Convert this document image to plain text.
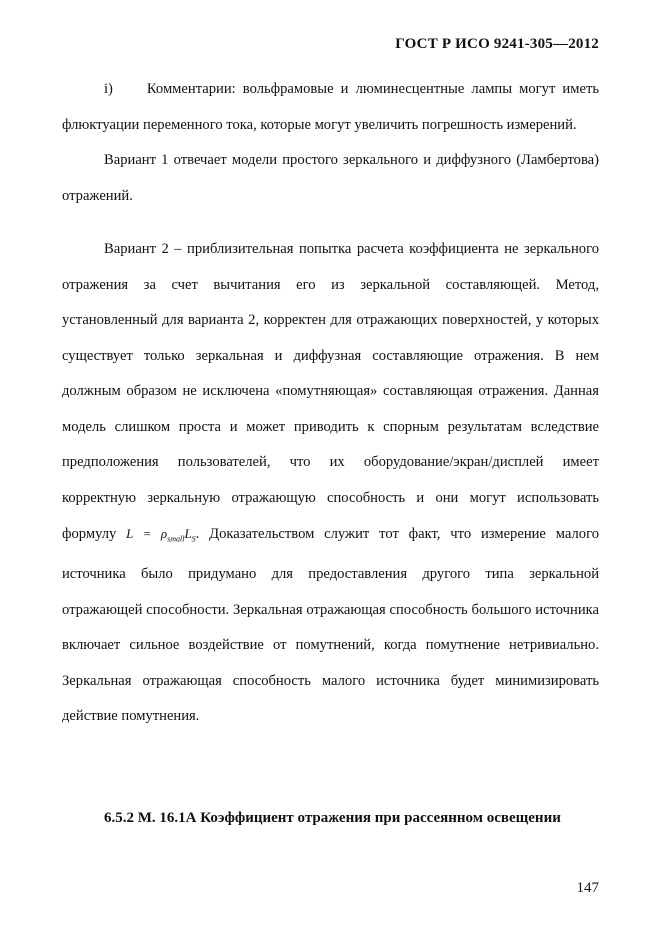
ГОСТ Р ИСО 9241-305—2012

i) Комментарии: вольфрамовые и люминесцентные лампы могут иметь флюктуации переменного тока, которые могут увеличить погрешность измерений.

Вариант 1 отвечает модели простого зеркального и диффузного (Ламбертова) отражений.

Вариант 2 – приблизительная попытка расчета коэффициента не зеркального отражения за счет вычитания его из зеркальной составляющей. Метод, установленный для варианта 2, корректен для отражающих поверхностей, у которых существует только зеркальная и диффузная составляющие отражения. В нем должным образом не исключена «помутняющая» составляющая отражения. Данная модель слишком проста и может приводить к спорным результатам вследствие предположения пользователей, что их оборудование/экран/дисплей имеет корректную зеркальную отражающую способность и они могут использовать формулу $L = \rho_{small}L_S$. Доказательством служит тот факт, что измерение малого источника было придумано для предоставления другого типа зеркальной отражающей способности. Зеркальная отражающая способность большого источника включает сильное воздействие от помутнений, когда помутнение нетривиально. Зеркальная отражающая способность малого источника будет минимизировать действие помутнения.

6.5.2 М. 16.1А Коэффициент отражения при рассеянном освещении
147
